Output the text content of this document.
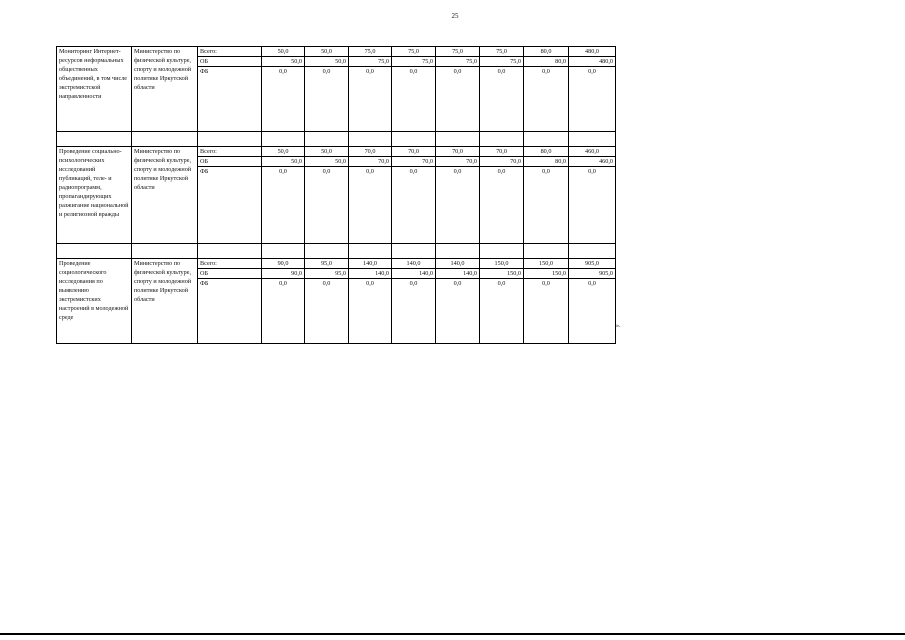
25
Мониторинг Интернет-ресурсов неформальных общественных объединений, в том числе экстремистской направленности	Министерство по физической культуре, спорту и молодежной политике Иркутской области	Всего:	50,0	50,0	75,0	75,0	75,0	75,0	80,0	480,0
		ОБ	50,0	50,0	75,0	75,0	75,0	75,0	80,0	480,0
		ФБ	0,0	0,0	0,0	0,0	0,0	0,0	0,0	0,0

Проведение социально-психологических исследований публикаций, теле- и радиопрограмм, пропагандирующих разжигание национальной и религиозной вражды	Министерство по физической культуре, спорту и молодежной политике Иркутской области	Всего:	50,0	50,0	70,0	70,0	70,0	70,0	80,0	460,0
		ОБ	50,0	50,0	70,0	70,0	70,0	70,0	80,0	460,0
		ФБ	0,0	0,0	0,0	0,0	0,0	0,0	0,0	0,0

Проведение социологического исследования по выявлению экстремистских настроений в молодежной среде	Министерство по физической культуре, спорту и молодежной политике Иркутской области	Всего:	90,0	95,0	140,0	140,0	140,0	150,0	150,0	905,0
		ОБ	90,0	95,0	140,0	140,0	140,0	150,0	150,0	905,0
		ФБ	0,0	0,0	0,0	0,0	0,0	0,0	0,0	0,0
».
